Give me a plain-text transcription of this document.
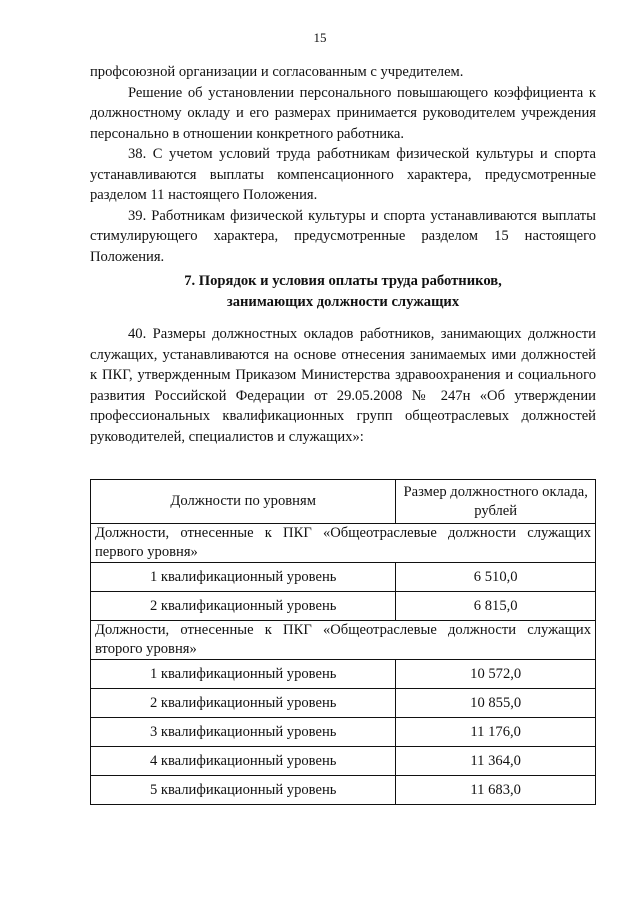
15

профсоюзной организации и согласованным с учредителем.

Решение об установлении персонального повышающего коэффициента к должностному окладу и его размерах принимается руководителем учреждения персонально в отношении конкретного работника.

38. С учетом условий труда работникам физической культуры и спорта устанавливаются выплаты компенсационного характера, предусмотренные разделом 11 настоящего Положения.

39. Работникам физической культуры и спорта устанавливаются выплаты стимулирующего характера, предусмотренные разделом 15 настоящего Положения.

7. Порядок и условия оплаты труда работников,
занимающих должности служащих

40. Размеры должностных окладов работников, занимающих должности служащих, устанавливаются на основе отнесения занимаемых ими должностей к ПКГ, утвержденным Приказом Министерства здравоохранения и социального развития Российской Федерации от 29.05.2008 № 247н «Об утверждении профессиональных квалификационных групп общеотраслевых должностей руководителей, специалистов и служащих»:

Должности по уровням	Размер должностного оклада, рублей
Должности, отнесенные к ПКГ «Общеотраслевые должности служащих первого уровня»	
1 квалификационный уровень	6 510,0
2 квалификационный уровень	6 815,0
Должности, отнесенные к ПКГ «Общеотраслевые должности служащих второго уровня»	
1 квалификационный уровень	10 572,0
2 квалификационный уровень	10 855,0
3 квалификационный уровень	11 176,0
4 квалификационный уровень	11 364,0
5 квалификационный уровень	11 683,0
